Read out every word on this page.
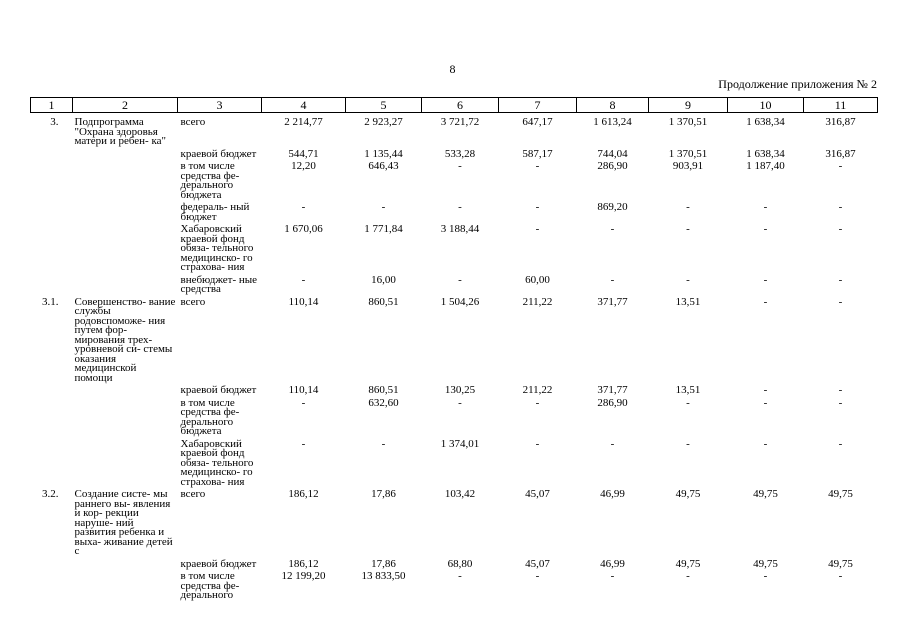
8
Продолжение приложения № 2
1	2	3	4	5	6	7	8	9	10	11
3.	Подпрограмма "Охрана здоровья матери и ребен- ка"	всего	2 214,77	2 923,27	3 721,72	647,17	1 613,24	1 370,51	1 638,34	316,87
		краевой бюджет	544,71	1 135,44	533,28	587,17	744,04	1 370,51	1 638,34	316,87
		в том числе средства фе- дерального бюджета	12,20	646,43	-	-	286,90	903,91	1 187,40	-
		федераль- ный бюджет	-	-	-	-	869,20	-	-	-
		Хабаровский краевой фонд обяза- тельного медицинско- го страхова- ния	1 670,06	1 771,84	3 188,44	-	-	-	-	-
		внебюджет- ные средства	-	16,00	-	60,00	-	-	-	-
3.1.	Совершенство- вание службы родовспоможе- ния путем фор- мирования трех- уровневой си- стемы оказания медицинской помощи	всего	110,14	860,51	1 504,26	211,22	371,77	13,51	-	-
		краевой бюджет	110,14	860,51	130,25	211,22	371,77	13,51	-	-
		в том числе средства фе- дерального бюджета	-	632,60	-	-	286,90	-	-	-
		Хабаровский краевой фонд обяза- тельного медицинско- го страхова- ния	-	-	1 374,01	-	-	-	-	-
3.2.	Создание систе- мы раннего вы- явления и кор- рекции наруше- ний развития ребенка и выха- живание детей с	всего	186,12	17,86	103,42	45,07	46,99	49,75	49,75	49,75
		краевой бюджет	186,12	17,86	68,80	45,07	46,99	49,75	49,75	49,75
		в том числе средства фе- дерального	12 199,20	13 833,50	-	-	-	-	-	-
